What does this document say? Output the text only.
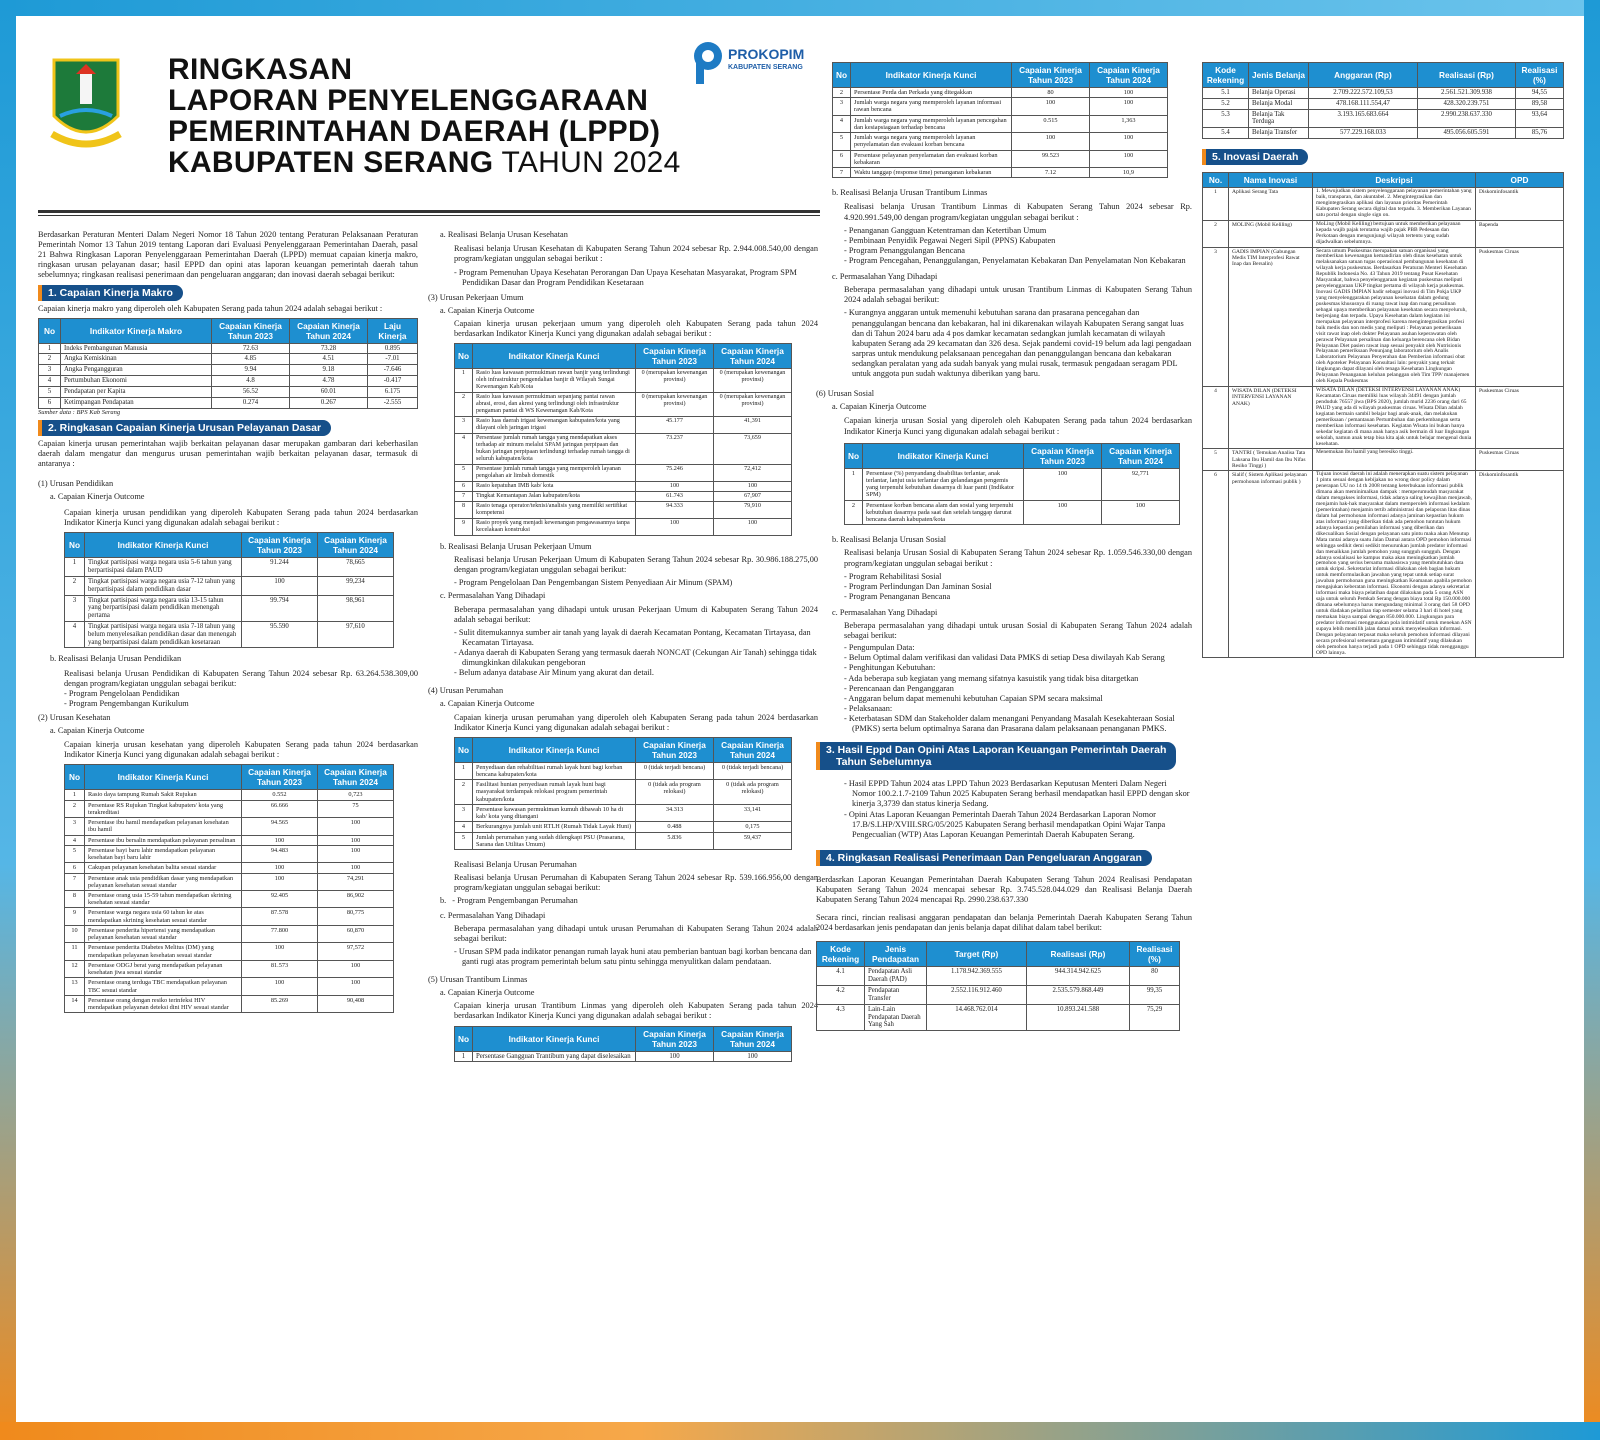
RINGKASAN
LAPORAN PENYELENGGARAAN
PEMERINTAHAN DAERAH (LPPD)
KABUPATEN SERANG TAHUN 2024
PROKOPIM
KABUPATEN SERANG

Berdasarkan Peraturan Menteri Dalam Negeri Nomor 18 Tahun 2020 tentang Peraturan Pelaksanaan Peraturan Pemerintah Nomor 13 Tahun 2019 tentang Laporan dari Evaluasi Penyelenggaraan Pemerintahan Daerah, pasal 21 Bahwa Ringkasan Laporan Penyelenggaraan Pemerintahan Daerah (LPPD) memuat capaian kinerja makro, ringkasan urusan pelayanan dasar; hasil EPPD dan opini atas laporan keuangan pemerintah daerah tahun sebelumnya; ringkasan realisasi penerimaan dan pengeluaran anggaran; dan inovasi daerah sebagai berikut:

1. Capaian Kinerja Makro

Capaian kinerja makro yang diperoleh oleh Kabupaten Serang pada tahun 2024 adalah sebagai berikut :

No	Indikator Kinerja Makro	Capaian Kinerja Tahun 2023	Capaian Kinerja Tahun 2024	Laju Kinerja
1	Indeks Pembangunan Manusia	72.63	73.28	0.895
2	Angka Kemiskinan	4.85	4.51	-7.01
3	Angka Pengangguran	9.94	9.18	-7.646
4	Pertumbuhan Ekonomi	4.8	4.78	-0.417
5	Pendapatan per Kapita	56.52	60.01	6.175
6	Ketimpangan Pendapatan	0.274	0.267	-2.555
Sumber data : BPS Kab Serang
2. Ringkasan Capaian Kinerja Urusan Pelayanan Dasar

Capaian kinerja urusan pemerintahan wajib berkaitan pelayanan dasar merupakan gambaran dari keberhasilan daerah dalam mengatur dan mengurus urusan pemerintahan wajib berkaitan pelayanan dasar, termasuk di antaranya :

(1) Urusan Pendidikan
a. Capaian Kinerja Outcome

Capaian kinerja urusan pendidikan yang diperoleh Kabupaten Serang pada tahun 2024 berdasarkan Indikator Kinerja Kunci yang digunakan adalah sebagai berikut :

No	Indikator Kinerja Kunci	Capaian Kinerja Tahun 2023	Capaian Kinerja Tahun 2024
1	Tingkat partisipasi warga negara usia 5-6 tahun yang berpartisipasi dalam PAUD	91.244	78,665
2	Tingkat partisipasi warga negara usia 7-12 tahun yang berpartisipasi dalam pendidikan dasar	100	99,234
3	Tingkat partisipasi warga negara usia 13-15 tahun yang berpartisipasi dalam pendidikan menengah pertama	99.794	98,961
4	Tingkat partisipasi warga negara usia 7-18 tahun yang belum menyelesaikan pendidikan dasar dan menengah yang berpartisipasi dalam pendidikan kesetaraan	95.590	97,610
b. Realisasi Belanja Urusan Pendidikan

Realisasi belanja Urusan Pendidikan di Kabupaten Serang Tahun 2024 sebesar Rp. 63.264.538.309,00 dengan program/kegiatan unggulan sebagai berikut:

- Program Pengelolaan Pendidikan
- Program Pengembangan Kurikulum
(2) Urusan Kesehatan
a. Capaian Kinerja Outcome

Capaian kinerja urusan kesehatan yang diperoleh Kabupaten Serang pada tahun 2024 berdasarkan Indikator Kinerja Kunci yang digunakan adalah sebagai berikut :

No	Indikator Kinerja Kunci	Capaian Kinerja Tahun 2023	Capaian Kinerja Tahun 2024
1	Rasio daya tampung Rumah Sakit Rujukan	0.552	0,723
2	Persentase RS Rujukan Tingkat kabupaten/ kota yang terakreditasi	66.666	75
3	Persentase ibu hamil mendapatkan pelayanan kesehatan ibu hamil	94.565	100
4	Persentase ibu bersalin mendapatkan pelayanan persalinan	100	100
5	Persentase bayi baru lahir mendapatkan pelayanan kesehatan bayi baru lahir	94.483	100
6	Cakupan pelayanan kesehatan balita sesuai standar	100	100
7	Persentase anak usia pendidikan dasar yang mendapatkan pelayanan kesehatan sesuai standar	100	74,291
8	Persentase orang usia 15-59 tahun mendapatkan skrining kesehatan sesuai standar	92.405	86,902
9	Persentase warga negara usia 60 tahun ke atas mendapatkan skrining kesehatan sesuai standar	87.578	80,775
10	Persentase penderita hipertensi yang mendapatkan pelayanan kesehatan sesuai standar	77.800	60,870
11	Persentase penderita Diabetes Melitus (DM) yang mendapatkan pelayanan kesehatan sesuai standar	100	97,572
12	Persentase ODGJ berat yang mendapatkan pelayanan kesehatan jiwa sesuai standar	81.573	100
13	Persentase orang terduga TBC mendapatkan pelayanan TBC sesuai standar	100	100
14	Persentase orang dengan resiko terinfeksi HIV mendapatkan pelayanan deteksi dini HIV sesuai standar	85.269	90,408
a. Realisasi Belanja Urusan Kesehatan

Realisasi belanja Urusan Kesehatan di Kabupaten Serang Tahun 2024 sebesar Rp. 2.944.008.540,00 dengan program/kegiatan unggulan sebagai berikut :

- Program Pemenuhan Upaya Kesehatan Perorangan Dan Upaya Kesehatan Masyarakat, Program SPM Pendidikan Dasar dan Program Pendidikan Kesetaraan
(3) Urusan Pekerjaan Umum
a. Capaian Kinerja Outcome

Capaian kinerja urusan pekerjaan umum yang diperoleh oleh Kabupaten Serang pada tahun 2024 berdasarkan Indikator Kinerja Kunci yang digunakan adalah sebagai berikut :

No	Indikator Kinerja Kunci	Capaian Kinerja Tahun 2023	Capaian Kinerja Tahun 2024
1	Rasio luas kawasan permukiman rawan banjir yang terlindungi oleh infrastruktur pengendalian banjir di Wilayah Sungai Kewenangan Kab/Kota	0 (merupakan kewenangan provinsi)	0 (merupakan kewenangan provinsi)
2	Rasio luas kawasan permukiman sepanjang pantai rawan abrasi, erosi, dan akresi yang terlindungi oleh infrastruktur pengaman pantai di WS Kewenangan Kab/Kota	0 (merupakan kewenangan provinsi)	0 (merupakan kewenangan provinsi)
3	Rasio luas daerah irigasi kewenangan kabupaten/kota yang dilayani oleh jaringan irigasi	45.177	41,391
4	Persentase jumlah rumah tangga yang mendapatkan akses terhadap air minum melalui SPAM jaringan perpipaan dan bukan jaringan perpipaan terlindungi terhadap rumah tangga di seluruh kabupaten/kota	73.237	73,659
5	Persentase jumlah rumah tangga yang memperoleh layanan pengolahan air limbah domestik	75.246	72,412
6	Rasio kepatuhan IMB kab/ kota	100	100
7	Tingkat Kemantapan Jalan kabupaten/kota	61.743	67,907
8	Rasio tenaga operator/teknisi/analisis yang memiliki sertifikat kompetensi	94.333	79,910
9	Rasio proyek yang menjadi kewenangan pengawasannya tanpa kecelakaan konstruksi	100	100
b. Realisasi Belanja Urusan Pekerjaan Umum

Realisasi belanja Urusan Pekerjaan Umum di Kabupaten Serang Tahun 2024 sebesar Rp. 30.986.188.275,00 dengan program/kegiatan unggulan sebagai berikut:

- Program Pengelolaan Dan Pengembangan Sistem Penyediaan Air Minum (SPAM)
c. Permasalahan Yang Dihadapi

Beberapa permasalahan yang dihadapi untuk urusan Pekerjaan Umum di Kabupaten Serang Tahun 2024 adalah sebagai berikut:

- Sulit ditemukannya sumber air tanah yang layak di daerah Kecamatan Pontang, Kecamatan Tirtayasa, dan Kecamatan Tirtayasa.
- Adanya daerah di Kabupaten Serang yang termasuk daerah NONCAT (Cekungan Air Tanah) sehingga tidak dimungkinkan dilakukan pengeboran
- Belum adanya database Air Minum yang akurat dan detail.
(4) Urusan Perumahan
a. Capaian Kinerja Outcome

Capaian kinerja urusan perumahan yang diperoleh oleh Kabupaten Serang pada tahun 2024 berdasarkan Indikator Kinerja Kunci yang digunakan adalah sebagai berikut :

No	Indikator Kinerja Kunci	Capaian Kinerja Tahun 2023	Capaian Kinerja Tahun 2024
1	Penyediaan dan rehabilitasi rumah layak huni bagi korban bencana kabupaten/kota	0 (tidak terjadi bencana)	0 (tidak terjadi bencana)
2	Fasilitasi hunian penyediaan rumah layak huni bagi masyarakat terdampak relokasi program pemerintah kabupaten/kota	0 (tidak ada program relokasi)	0 (tidak ada program relokasi)
3	Persentase kawasan permukiman kumuh dibawah 10 ha di kab/ kota yang ditangani	34.313	33,141
4	Berkurangnya jumlah unit RTLH (Rumah Tidak Layak Huni)	0.488	0,175
5	Jumlah perumahan yang sudah dilengkapi PSU (Prasarana, Sarana dan Utilitas Umum)	5.836	59,437
Realisasi Belanja Urusan Perumahan

Realisasi belanja Urusan Perumahan di Kabupaten Serang Tahun 2024 sebesar Rp. 539.166.956,00 dengan program/kegiatan unggulan sebagai berikut:

b.	- Program Pengembangan Perumahan
c. Permasalahan Yang Dihadapi

Beberapa permasalahan yang dihadapi untuk urusan Perumahan di Kabupaten Serang Tahun 2024 adalah sebagai berikut:

- Urusan SPM pada indikator penangan rumah layak huni atau pemberian bantuan bagi korban bencana dan ganti rugi atas program pemerintah belum satu pintu sehingga menyulitkan dalam pendataan.
(5) Urusan Trantibum Linmas
a. Capaian Kinerja Outcome

Capaian kinerja urusan Trantibum Linmas yang diperoleh oleh Kabupaten Serang pada tahun 2024 berdasarkan Indikator Kinerja Kunci yang digunakan adalah sebagai berikut :

No	Indikator Kinerja Kunci	Capaian Kinerja Tahun 2023	Capaian Kinerja Tahun 2024
1	Persentase Gangguan Trantibum yang dapat diselesaikan	100	100
No	Indikator Kinerja Kunci	Capaian Kinerja Tahun 2023	Capaian Kinerja Tahun 2024
2	Persentase Perda dan Perkada yang ditegakkan	80	100
3	Jumlah warga negara yang memperoleh layanan informasi rawan bencana	100	100
4	Jumlah warga negara yang memperoleh layanan pencegahan dan kesiapsiagaan terhadap bencana	0.515	1,363
5	Jumlah warga negara yang memperoleh layanan penyelamatan dan evakuasi korban bencana	100	100
6	Persentase pelayanan penyelamatan dan evakuasi korban kebakaran	99.523	100
7	Waktu tanggap (response time) penanganan kebakaran	7.12	10,9
b. Realisasi Belanja Urusan Trantibum Linmas

Realisasi belanja Urusan Trantibum Linmas di Kabupaten Serang Tahun 2024 sebesar Rp. 4.920.991.549,00 dengan program/kegiatan unggulan sebagai berikut :

- Penanganan Gangguan Ketentraman dan Ketertiban Umum
- Pembinaan Penyidik Pegawai Negeri Sipil (PPNS) Kabupaten
- Program Penanggulangan Bencana
- Program Pencegahan, Penanggulangan, Penyelamatan Kebakaran Dan Penyelamatan Non Kebakaran
c. Permasalahan Yang Dihadapi

Beberapa permasalahan yang dihadapi untuk urusan Trantibum Linmas di Kabupaten Serang Tahun 2024 adalah sebagai berikut:

- Kurangnya anggaran untuk memenuhi kebutuhan sarana dan prasarana pencegahan dan penanggulangan bencana dan kebakaran, hal ini dikarenakan wilayah Kabupaten Serang sangat luas dan di Tahun 2024 baru ada 4 pos damkar kecamatan sedangkan jumlah kecamatan di wilayah kabupaten Serang ada 29 kecamatan dan 326 desa. Sejak pandemi covid-19 belum ada lagi pengadaan sarpras untuk mendukung pelaksanaan pencegahan dan penanggulangan bencana dan kebakaran sedangkan peralatan yang ada sudah banyak yang mulai rusak, termasuk pengadaan seragam PDL untuk anggota pun sudah waktunya diberikan yang baru.
(6) Urusan Sosial
a. Capaian Kinerja Outcome

Capaian kinerja urusan Sosial yang diperoleh oleh Kabupaten Serang pada tahun 2024 berdasarkan Indikator Kinerja Kunci yang digunakan adalah sebagai berikut :

No	Indikator Kinerja Kunci	Capaian Kinerja Tahun 2023	Capaian Kinerja Tahun 2024
1	Persentase (%) penyandang disabilitas terlantar, anak terlantar, lanjut usia terlantar dan gelandangan pengemis yang terpenuhi kebutuhan dasarnya di luar panti (Indikator SPM)	100	92,771
2	Persentase korban bencana alam dan sosial yang terpenuhi kebutuhan dasarnya pada saat dan setelah tanggap darurat bencana daerah kabupaten/kota	100	100
b. Realisasi Belanja Urusan Sosial

Realisasi belanja Urusan Sosial di Kabupaten Serang Tahun 2024 sebesar Rp. 1.059.546.330,00 dengan program/kegiatan unggulan sebagai berikut :

- Program Rehabilitasi Sosial
- Program Perlindungan Dan Jaminan Sosial
- Program Penanganan Bencana
c. Permasalahan Yang Dihadapi

Beberapa permasalahan yang dihadapi untuk urusan Sosial di Kabupaten Serang Tahun 2024 adalah sebagai berikut:

- Pengumpulan Data:
- Belum Optimal dalam verifikasi dan validasi Data PMKS di setiap Desa diwilayah Kab Serang
- Penghitungan Kebutuhan:
- Ada beberapa sub kegiatan yang memang sifatnya kasuistik yang tidak bisa ditargetkan
- Perencanaan dan Penganggaran
- Anggaran belum dapat memenuhi kebutuhan Capaian SPM secara maksimal
- Pelaksanaan:
- Keterbatasan SDM dan Stakeholder dalam menangani Penyandang Masalah Kesekahteraan Sosial (PMKS) serta belum optimalnya Sarana dan Prasarana dalam pelaksanaan penanganan PMKS.
3. Hasil Eppd Dan Opini Atas Laporan Keuangan Pemerintah Daerah
Tahun Sebelumnya
- Hasil EPPD Tahun 2024 atas LPPD Tahun 2023 Berdasarkan Keputusan Menteri Dalam Negeri Nomor 100.2.1.7-2109 Tahun 2025 Kabupaten Serang berhasil mendapatkan hasil EPPD dengan skor kinerja 3,3739 dan status kinerja Sedang.
- Opini Atas Laporan Keuangan Pemerintah Daerah Tahun 2024 Berdasarkan Laporan Nomor 17.B/S.LHP/XVIII.SRG/05/2025 Kabupaten Serang berhasil mendapatkan Opini Wajar Tanpa Pengecualian (WTP) Atas Laporan Keuangan Pemerintah Daerah Kabupaten Serang.
4. Ringkasan Realisasi Penerimaan Dan Pengeluaran Anggaran

Berdasrkan Laporan Keuangan Pemerintahan Daerah Kabupaten Serang Tahun 2024 Realisasi Pendapatan Kabupaten Serang Tahun 2024 mencapai sebesar Rp. 3.745.528.044.029 dan Realisasi Belanja Daerah Kabupaten Serang Tahun 2024 mencapai Rp. 2990.238.637.330

Secara rinci, rincian realisasi anggaran pendapatan dan belanja Pemerintah Daerah Kabupaten Serang Tahun 2024 berdasarkan jenis pendapatan dan jenis belanja dapat dilihat dalam tabel berikut:

Kode Rekening	Jenis Pendapatan	Target (Rp)	Realisasi (Rp)	Realisasi (%)
4.1	Pendapatan Asli Daerah (PAD)	1.178.942.369.555	944.314.942.625	80
4.2	Pendapatan Transfer	2.552.116.912.460	2.535.579.868.449	99,35
4.3	Lain-Lain Pendapatan Daerah Yang Sah	14.468.762.014	10.893.241.588	75,29
Kode Rekening	Jenis Belanja	Anggaran (Rp)	Realisasi (Rp)	Realisasi (%)
5.1	Belanja Operasi	2.709.222.572.109,53	2.561.521.309.938	94,55
5.2	Belanja Modal	478.168.111.554,47	428.320.239.751	89,58
5.3	Belanja Tak Terduga	3.193.165.683.664	2.990.238.637.330	93,64
5.4	Belanja Transfer	577.229.168.033	495.056.605.591	85,76
5. Inovasi Daerah
No.	Nama Inovasi	Deskripsi	OPD
1	Aplikasi Serang Tata	1. Mewujudkan sistem penyelenggaraan pelayanan pemerintahan yang baik, transparan, dan akuntabel. 2. Mengintegrasikan dan mengintegrasikan aplikasi dan layanan prioritas Pemerintah Kabupaten Serang secara digital dan terpadu. 3. Memberikan Layanan satu portal dengan single sign on.	Diskominfosantik
2	MOLING (Mobil Keliling)	MoLing (Mobil Keliling) bertujuan untuk memberikan pelayanan kepada wajib pajak terutama wajib pajak PBB Pedesaan dan Perkotaan dengan mengunjungi wilayah tertentu yang sudah dijadwalkan sebelumnya.	Bapenda
3	GADIS IMPIAN (Gabungan Medis TIM Interprofesi Rawat Inap dan Bersalin)	Secara umum Puskesmas merupakan satuan organisasi yang memberikan kewenangan kemandirian oleh dinas kesehatan untuk melaksanakan satuan tugas operasional pembangunan kesehatan di wilayah kerja puskesmas. Berdasarkan Peraturan Menteri Kesehatan Republik Indonesia No. 43 Tahun 2019 tentang Pusat Kesehatan Masyarakat, bahwa penyelenggaraan kegiatan puskesmas meliputi penyelenggaraan UKP tingkat pertama di wilayah kerja puskesmas. Inovasi GADIS IMPIAN hadir sebagai inovasi di Tim Pokja UKP yang menyelenggarakan pelayanan kesehatan dalam gedung puskesmas khususnya di ruang rawat inap dan ruang persalinan sebagai upaya memberikan pelayanan kesehatan secara menyeluruh, berjenjang dan terpadu. Upaya Kesehatan dalam kegiatan ini merupakan pelayanan interprofesi karena mengintegrasikan profesi baik medis dan non medis yang meliputi : Pelayanan pemeriksaan visit rawat inap oleh dokter Pelayanan asuhan keperawatan oleh perawat Pelayanan persalinan dan keluarga berencana oleh Bidan Pelayanan Diet pasien rawat inap sesuai penyakit oleh Nutrisionis Pelayanan pemeriksaan Penunjang laboratorium oleh Analis Laboratorium Pelayanan Penyerahan dan Pemberian informasi obat oleh Apoteker Pelayanan Konsultasi lain: penyakit yang terkait lingkungan dapat dilayani oleh tenaga Kesehatan Lingkungan Pelayanan Penanganan keluhan pelanggan oleh Tim TPP/ manajemen oleh Kepala Puskesmas	Puskesmas Ciruas
4	WISATA DILAN (DETEKSI INTERVENSI LAYANAN ANAK)	WISATA DILAN (DETEKSI INTERVENSI LAYANAN ANAK) Kecamatan Ciruas memiliki luas wilayah 34491 dengan jumlah penduduk 76557 jiwa (BPS 2020), jumlah murid 2236 orang dari 65 PAUD yang ada di wilayah puskesmas ciruas. Wisata Dilan adalah kegiatan bermain sambil belajar bagi anak-anak, dan melakukan pemeriksaan / pemantauan Pertumbuhan dan perkembangan serta memberikan informasi kesehatan. Kegiatan Wisata ini bukan hanya sekedar kegiatan di mana anak hanya asik bermain di luar lingkungan sekolah, namun anak tetap bisa kita ajak untuk belajar mengenal dunia kesehatan.	Puskesmas Ciruas
5	TANTRI ( Temukan Analisa Tata Laksana Ibu Hamil dan Ibu Nifas Resiko Tinggi )	Menemukan ibu hamil yang beresiko tinggi.	Puskesmas Ciruas
6	Sialif ( Sistem Aplikasi pelayanan permohonan informasi publik )	Tujuan inovasi daerah ini adalah menerapkan suatu sistem pelayanan 1 pintu sesuai dengan kebijakan no wrong door policy dalam penerapan UU no 14 th 2008 tentang keterbukaan informasi publik dimana akan meminimalkan dampak : memperumudah masyarakat dalam mengakses informasi, tidak adanya saling kewajiban menjawab, menjamin hak-hak masyarakat dalam memperoleh informasi kedalam (pemerintahan) menjamin tertib administrasi dan pelaporan litas dinas dalam hal permohonan informasi adanya jaminan kepastian hukum atas informasi yang diberikan tidak ada pemohon tuntutan hukum adanya kepastian pemilahan informasi yang diberikan dan dikecualikan Sosial dengan pelayanan satu pintu maka akan Menutup Mata rantai adanya suatu Jalan Damai antara OPD pemohon informasi sehingga sedikit demi sedikit menurunkan jumlah predator informasi dan menaikkan jumlah pemohon yang sungguh sungguh. Dengan adanya sosialisasi ke kampus maka akan meningkatkan jumlah pemohon yang serius bersama mahasiswa yang membutuhkan data untuk skripsi. Sekretariat informasi dilakukan oleh bagian hukum untuk memformulasikan jawaban yang tepat untuk setiap surat jawaban permohonan guna meningkatkan Keamanan apabila pemohon mengajukan keberatan informasi. Ekonomi dengan adanya sekretariat informasi maka biaya pelatihan dapat dilakukan pada 5 orang ASN saja untuk seluruh Pemkab Serang dengan biaya total Rp 150.000.000 dimana sebelumnya harus mengundang minimal 3 orang dari 58 OPD untuk diadakan pelatihan tiap semester selama 3 hari di hotel yang memakan biaya sampai dengan 850.000.000. Lingkungan para predator informasi menggunakan pola intimidatif untuk menekan ASN supaya lebih memilih jalan damai untuk menyelesaikan informasi. Dengan pelayanan terpusat maka seluruh pemohon informasi dilayani secara profesional sementara gangguan intimidatif yang dilakukan oleh pemohon hanya terjadi pada 1 OPD sehingga tidak mengganggu OPD lainnya.	Diskominfosantik
